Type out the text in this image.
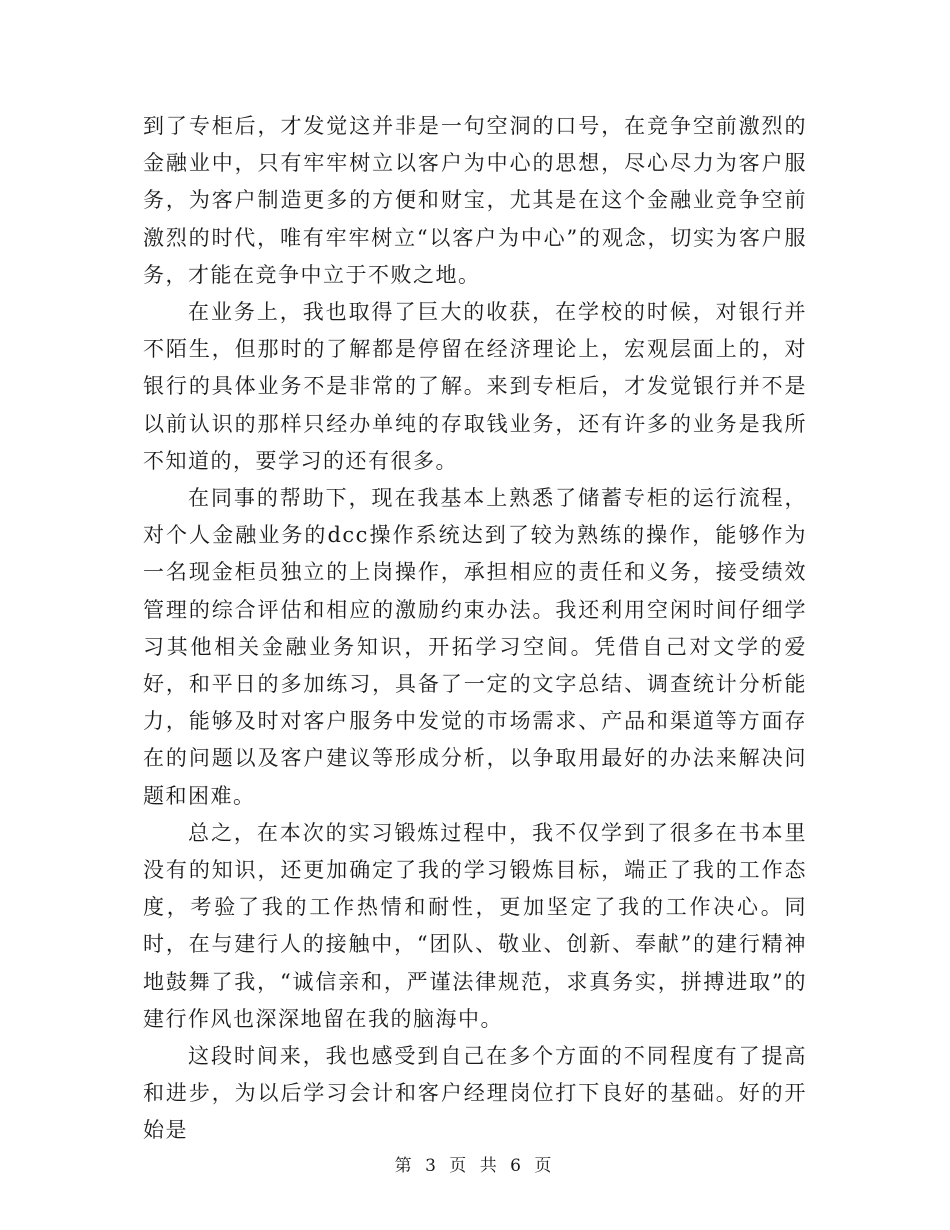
到了专柜后，才发觉这并非是一句空洞的口号，在竞争空前激烈的金融业中，只有牢牢树立以客户为中心的思想，尽心尽力为客户服务，为客户制造更多的方便和财宝，尤其是在这个金融业竞争空前激烈的时代，唯有牢牢树立“以客户为中心”的观念，切实为客户服务，才能在竞争中立于不败之地。

在业务上，我也取得了巨大的收获，在学校的时候，对银行并不陌生，但那时的了解都是停留在经济理论上，宏观层面上的，对银行的具体业务不是非常的了解。来到专柜后，才发觉银行并不是以前认识的那样只经办单纯的存取钱业务，还有许多的业务是我所不知道的，要学习的还有很多。

在同事的帮助下，现在我基本上熟悉了储蓄专柜的运行流程，对个人金融业务的dcc操作系统达到了较为熟练的操作，能够作为一名现金柜员独立的上岗操作，承担相应的责任和义务，接受绩效管理的综合评估和相应的激励约束办法。我还利用空闲时间仔细学习其他相关金融业务知识，开拓学习空间。凭借自己对文学的爱好，和平日的多加练习，具备了一定的文字总结、调查统计分析能力，能够及时对客户服务中发觉的市场需求、产品和渠道等方面存在的问题以及客户建议等形成分析，以争取用最好的办法来解决问题和困难。

总之，在本次的实习锻炼过程中，我不仅学到了很多在书本里没有的知识，还更加确定了我的学习锻炼目标，端正了我的工作态度，考验了我的工作热情和耐性，更加坚定了我的工作决心。同时，在与建行人的接触中，“团队、敬业、创新、奉献”的建行精神地鼓舞了我，“诚信亲和，严谨法律规范，求真务实，拼搏进取”的建行作风也深深地留在我的脑海中。

这段时间来，我也感受到自己在多个方面的不同程度有了提高和进步，为以后学习会计和客户经理岗位打下良好的基础。好的开始是

第 3 页 共 6 页
